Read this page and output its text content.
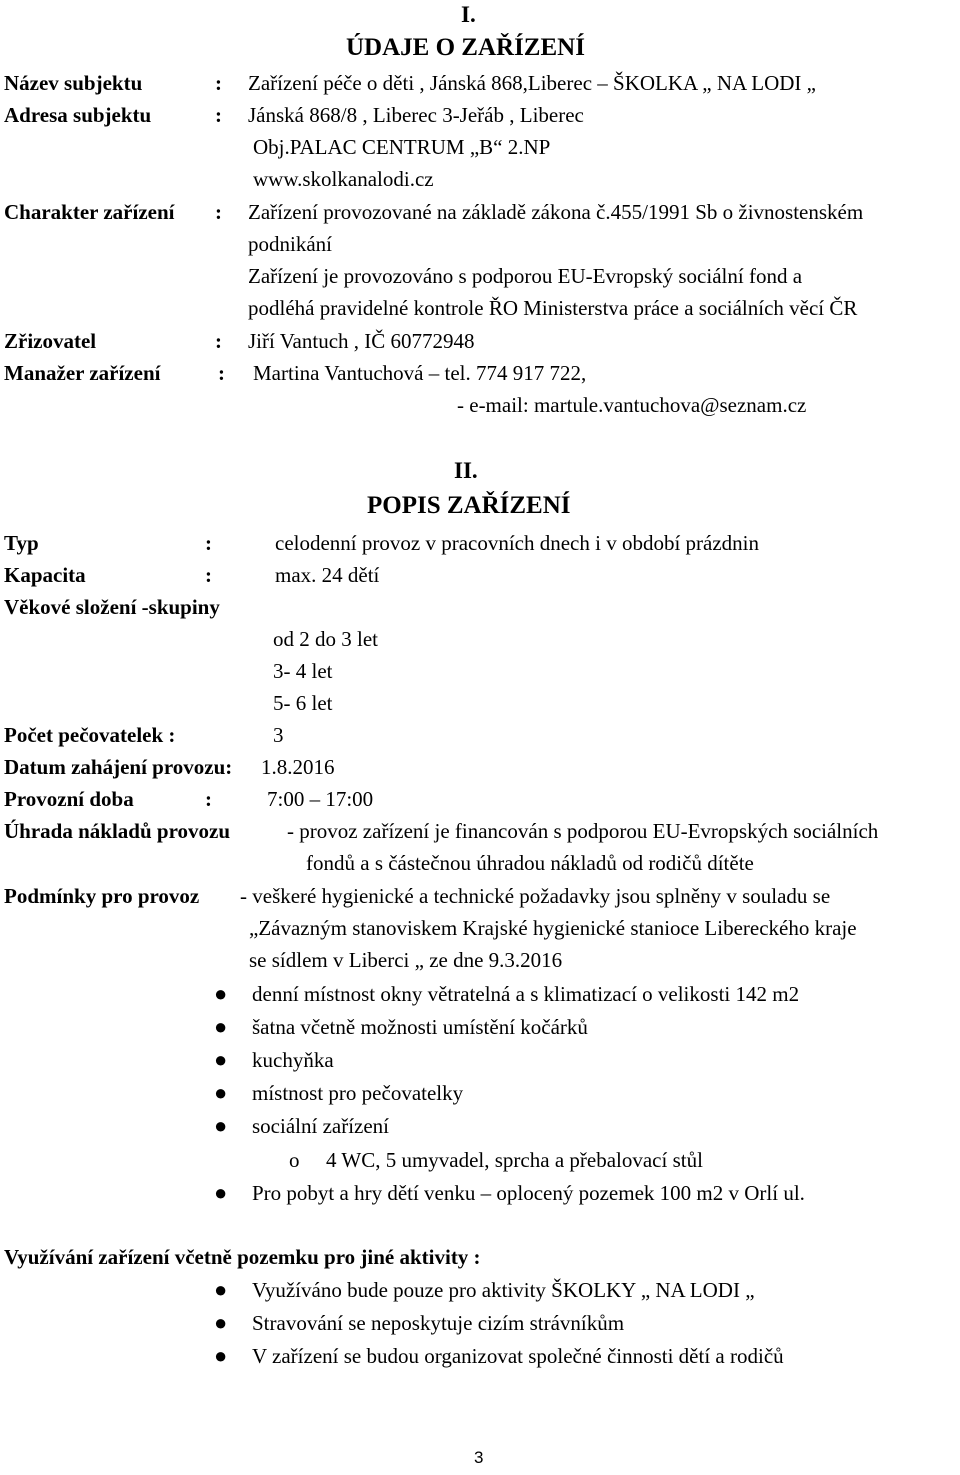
I.
ÚDAJE O ZAŘÍZENÍ
Název subjektu	: Zařízení péče o děti , Jánská 868,Liberec – ŠKOLKA „ NA LODI „
Adresa subjektu	: Jánská 868/8 , Liberec 3-Jeřáb , Liberec
Obj.PALAC CENTRUM „B“ 2.NP
www.skolkanalodi.cz
Charakter zařízení : Zařízení provozované na základě zákona č.455/1991 Sb o živnostenském
podnikání
Zařízení je provozováno s podporou EU-Evropský sociální fond a
podléhá pravidelné kontrole ŘO Ministerstva práce a sociálních věcí ČR
Zřizovatel	: Jiří Vantuch , IČ 60772948
Manažer zařízení	: Martina Vantuchová – tel. 774 917 722,
- e-mail: martule.vantuchova@seznam.cz
II.
POPIS ZAŘÍZENÍ
Typ	:	celodenní provoz v pracovních dnech i v období prázdnin
Kapacita	:	max. 24 dětí
Věkové složení -skupiny
od 2 do 3 let
3- 4 let
5- 6 let
Počet pečovatelek :	3
Datum zahájení provozu: 1.8.2016
Provozní doba	:	7:00 – 17:00
Úhrada nákladů provozu	- provoz zařízení je financován s podporou EU-Evropských sociálních
fondů a s částečnou úhradou nákladů od rodičů dítěte
Podmínky pro provoz - veškeré hygienické a technické požadavky jsou splněny v souladu se
„Závazným stanoviskem Krajské hygienické stanioce Libereckého kraje
se sídlem v Liberci „ ze dne 9.3.2016
● denní místnost okny větratelná a s klimatizací o velikosti 142 m2
● šatna včetně možnosti umístění kočárků
● kuchyňka
● místnost pro pečovatelky
● sociální zařízení
o 4 WC, 5 umyvadel, sprcha a přebalovací stůl
● Pro pobyt a hry dětí venku – oplocený pozemek 100 m2 v Orlí ul.
Využívání zařízení včetně pozemku pro jiné aktivity :
● Využíváno bude pouze pro aktivity ŠKOLKY „ NA LODI „
● Stravování se neposkytuje cizím strávníkům
● V zařízení se budou organizovat společné činnosti dětí a rodičů
3
